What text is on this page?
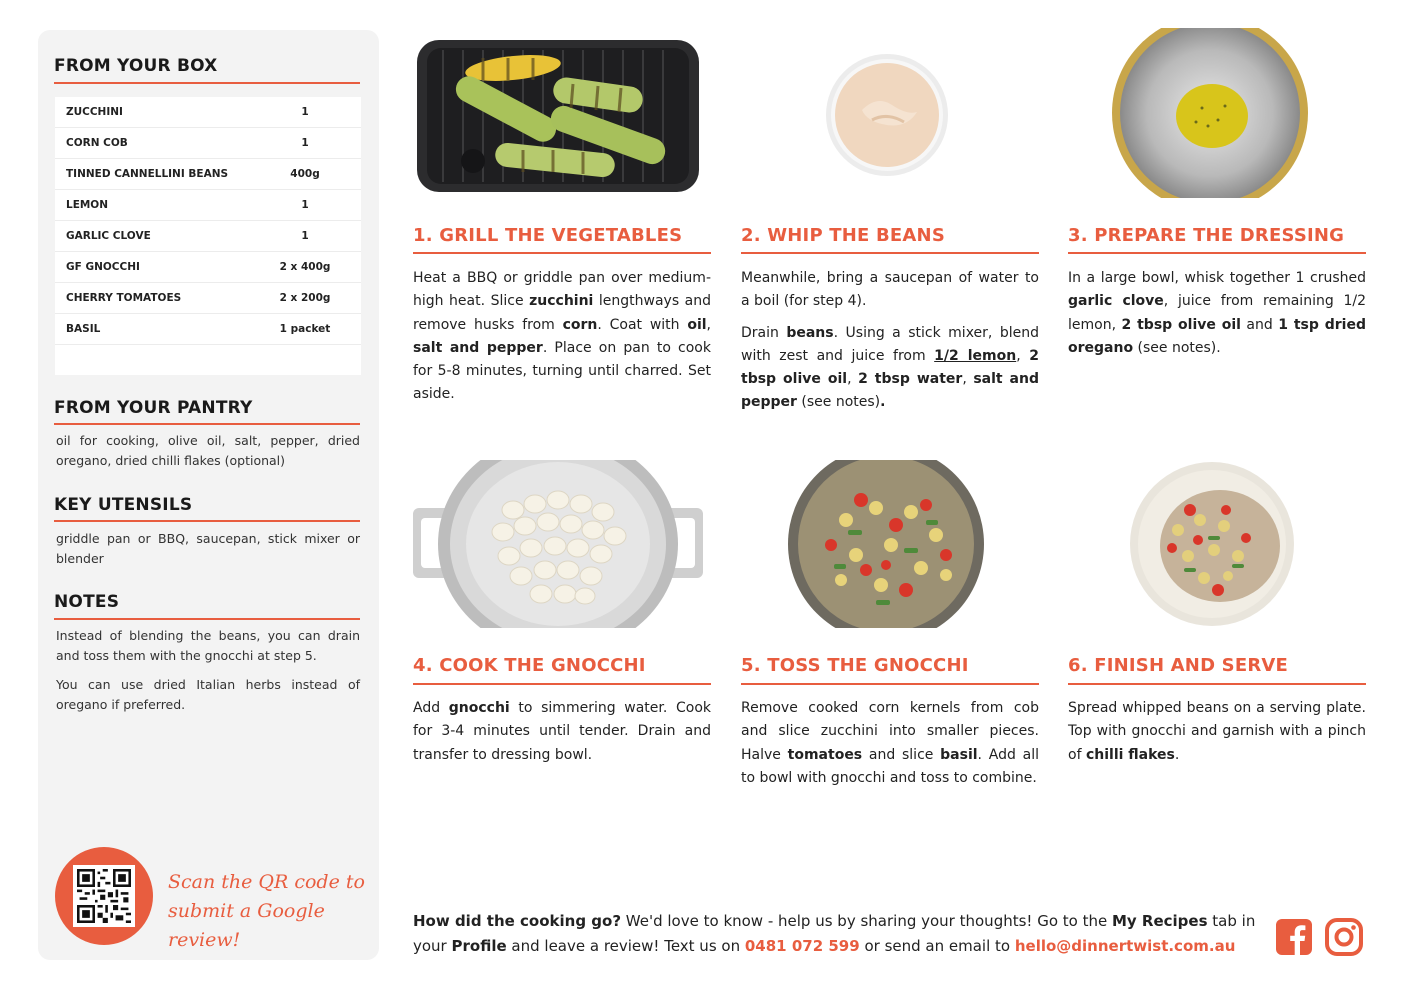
FROM YOUR BOX
ZUCCHINI	1
CORN COB	1
TINNED CANNELLINI BEANS	400g
LEMON	1
GARLIC CLOVE	1
GF GNOCCHI	2 x 400g
CHERRY TOMATOES	2 x 200g
BASIL	1 packet
FROM YOUR PANTRY
oil for cooking, olive oil, salt, pepper, dried oregano, dried chilli flakes (optional)
KEY UTENSILS
griddle pan or BBQ, saucepan, stick mixer or blender
NOTES
Instead of blending the beans, you can drain and toss them with the gnocchi at step 5.
You can use dried Italian herbs instead of oregano if preferred.
Scan the QR code to
submit a Google review!
1. GRILL THE VEGETABLES

Heat a BBQ or griddle pan over medium-high heat. Slice zucchini lengthways and remove husks from corn. Coat with oil, salt and pepper. Place on pan to cook for 5-8 minutes, turning until charred. Set aside.

2. WHIP THE BEANS

Meanwhile, bring a saucepan of water to a boil (for step 4).

Drain beans. Using a stick mixer, blend with zest and juice from 1/2 lemon, 2 tbsp olive oil, 2 tbsp water, salt and pepper (see notes).

3. PREPARE THE DRESSING

In a large bowl, whisk together 1 crushed garlic clove, juice from remaining 1/2 lemon, 2 tbsp olive oil and 1 tsp dried oregano (see notes).

4. COOK THE GNOCCHI

Add gnocchi to simmering water. Cook for 3-4 minutes until tender. Drain and transfer to dressing bowl.

5. TOSS THE GNOCCHI

Remove cooked corn kernels from cob and slice zucchini into smaller pieces. Halve tomatoes and slice basil. Add all to bowl with gnocchi and toss to combine.

6. FINISH AND SERVE

Spread whipped beans on a serving plate. Top with gnocchi and garnish with a pinch of chilli flakes.

How did the cooking go? We'd love to know - help us by sharing your thoughts! Go to the My Recipes tab in your Profile and leave a review! Text us on 0481 072 599 or send an email to hello@dinnertwist.com.au
